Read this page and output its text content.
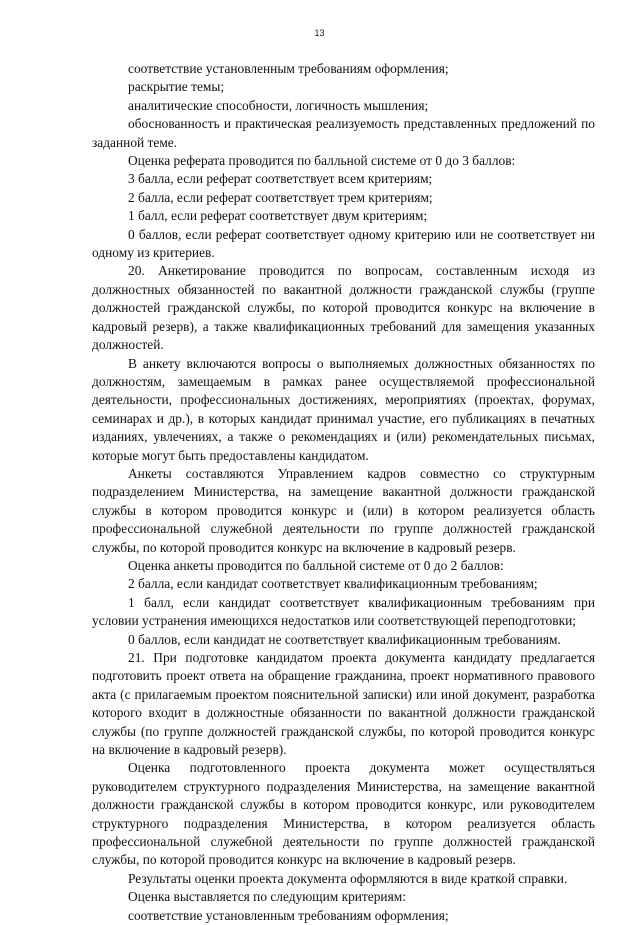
13

соответствие установленным требованиям оформления;

раскрытие темы;

аналитические способности, логичность мышления;

обоснованность и практическая реализуемость представленных предложений по заданной теме.

Оценка реферата проводится по балльной системе от 0 до 3 баллов:

3 балла, если реферат соответствует всем критериям;

2 балла, если реферат соответствует трем критериям;

1 балл, если реферат соответствует двум критериям;

0 баллов, если реферат соответствует одному критерию или не соответствует ни одному из критериев.

20. Анкетирование проводится по вопросам, составленным исходя из должностных обязанностей по вакантной должности гражданской службы (группе должностей гражданской службы, по которой проводится конкурс на включение в кадровый резерв), а также квалификационных требований для замещения указанных должностей.

В анкету включаются вопросы о выполняемых должностных обязанностях по должностям, замещаемым в рамках ранее осуществляемой профессиональной деятельности, профессиональных достижениях, мероприятиях (проектах, форумах, семинарах и др.), в которых кандидат принимал участие, его публикациях в печатных изданиях, увлечениях, а также о рекомендациях и (или) рекомендательных письмах, которые могут быть предоставлены кандидатом.

Анкеты составляются Управлением кадров совместно со структурным подразделением Министерства, на замещение вакантной должности гражданской службы в котором проводится конкурс и (или) в котором реализуется область профессиональной служебной деятельности по группе должностей гражданской службы, по которой проводится конкурс на включение в кадровый резерв.

Оценка анкеты проводится по балльной системе от 0 до 2 баллов:

2 балла, если кандидат соответствует квалификационным требованиям;

1 балл, если кандидат соответствует квалификационным требованиям при условии устранения имеющихся недостатков или соответствующей переподготовки;

0 баллов, если кандидат не соответствует квалификационным требованиям.

21. При подготовке кандидатом проекта документа кандидату предлагается подготовить проект ответа на обращение гражданина, проект нормативного правового акта (с прилагаемым проектом пояснительной записки) или иной документ, разработка которого входит в должностные обязанности по вакантной должности гражданской службы (по группе должностей гражданской службы, по которой проводится конкурс на включение в кадровый резерв).

Оценка подготовленного проекта документа может осуществляться руководителем структурного подразделения Министерства, на замещение вакантной должности гражданской службы в котором проводится конкурс, или руководителем структурного подразделения Министерства, в котором реализуется область профессиональной служебной деятельности по группе должностей гражданской службы, по которой проводится конкурс на включение в кадровый резерв.

Результаты оценки проекта документа оформляются в виде краткой справки.

Оценка выставляется по следующим критериям:

соответствие установленным требованиям оформления;
